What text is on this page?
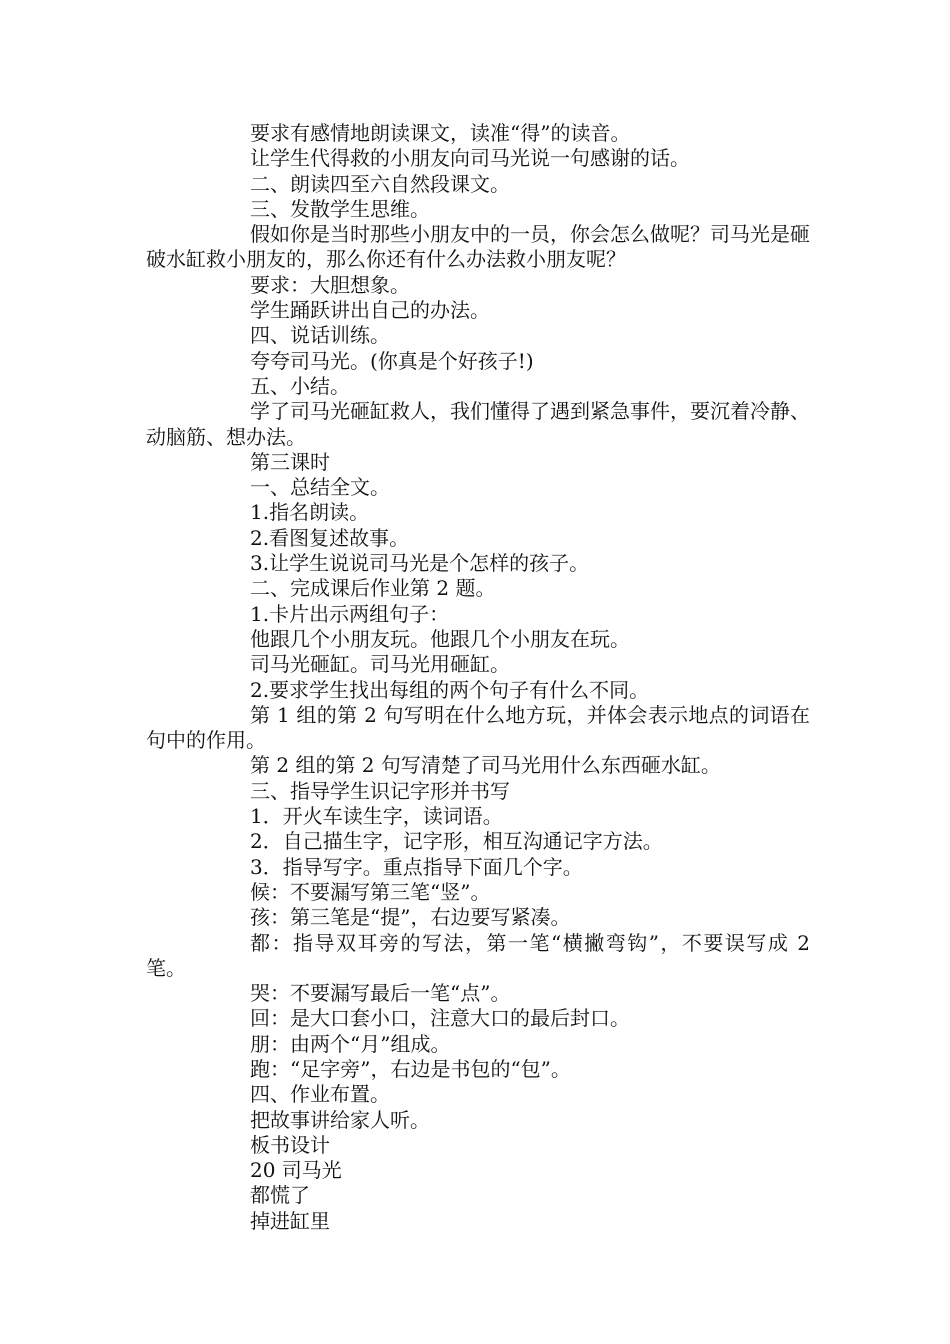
要求有感情地朗读课文，读准“得”的读音。
让学生代得救的小朋友向司马光说一句感谢的话。
二、朗读四至六自然段课文。
三、发散学生思维。
假如你是当时那些小朋友中的一员，你会怎么做呢？司马光是砸破水缸救小朋友的，那么你还有什么办法救小朋友呢？
要求：大胆想象。
学生踊跃讲出自己的办法。
四、说话训练。
夸夸司马光。(你真是个好孩子!)
五、小结。
学了司马光砸缸救人，我们懂得了遇到紧急事件，要沉着冷静、动脑筋、想办法。
第三课时
一、总结全文。
1.指名朗读。
2.看图复述故事。
3.让学生说说司马光是个怎样的孩子。
二、完成课后作业第 2 题。
1.卡片出示两组句子：
他跟几个小朋友玩。他跟几个小朋友在玩。
司马光砸缸。司马光用砸缸。
2.要求学生找出每组的两个句子有什么不同。
第 1 组的第 2 句写明在什么地方玩，并体会表示地点的词语在句中的作用。
第 2 组的第 2 句写清楚了司马光用什么东西砸水缸。
三、指导学生识记字形并书写
1．开火车读生字，读词语。
2．自己描生字，记字形，相互沟通记字方法。
3．指导写字。重点指导下面几个字。
候：不要漏写第三笔“竖”。
孩：第三笔是“提”，右边要写紧凑。
都：指导双耳旁的写法，第一笔“横撇弯钩”，不要误写成 2 笔。
哭：不要漏写最后一笔“点”。
回：是大口套小口，注意大口的最后封口。
朋：由两个“月”组成。
跑：“足字旁”，右边是书包的“包”。
四、作业布置。
把故事讲给家人听。
板书设计
20 司马光
都慌了
掉进缸里
